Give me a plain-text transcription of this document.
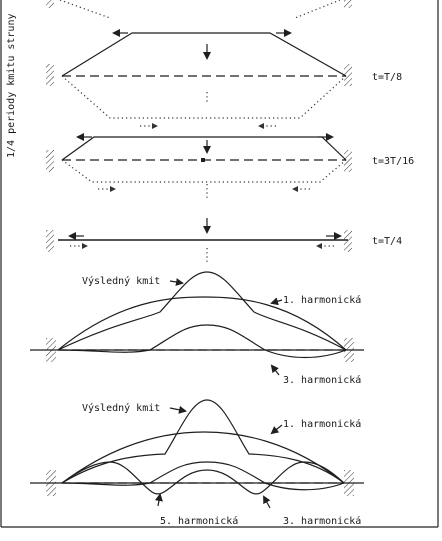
1/4 periody kmitu struny	t=T/8
t=3T/16
t=T/4
Výsledný kmit
1. harmonická
3. harmonická
Výsledný kmit
1. harmonická
5. harmonická	3. harmonická
